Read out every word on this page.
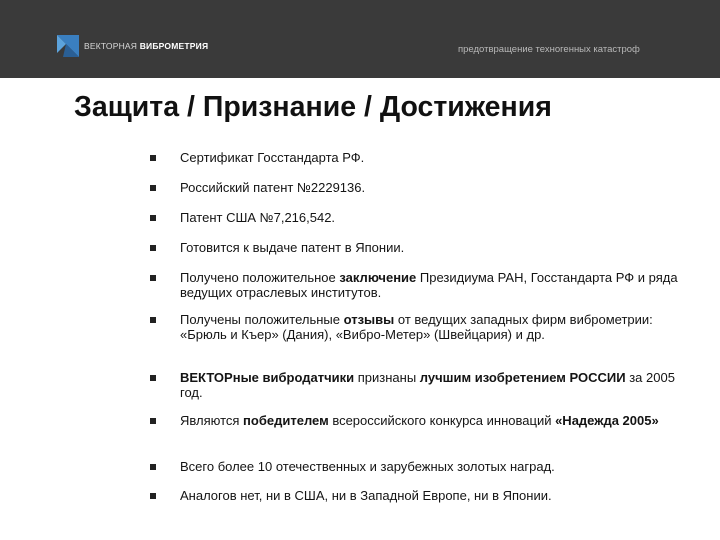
ВЕКТОРНАЯ ВИБРОМЕТРИЯ	предотвращение техногенных катастроф
Защита / Признание / Достижения
Сертификат Госстандарта РФ.
Российский патент №2229136.
Патент США №7,216,542.
Готовится к выдаче патент в Японии.
Получено положительное заключение Президиума РАН, Госстандарта РФ и ряда ведущих отраслевых институтов.
Получены положительные отзывы от ведущих западных фирм виброметрии: «Брюль и Къер» (Дания), «Вибро-Метер» (Швейцария) и др.
ВЕКТОРные вибродатчики признаны лучшим изобретением РОССИИ за 2005 год.
Являются победителем всероссийского конкурса инноваций «Надежда 2005»
Всего более 10 отечественных и зарубежных золотых наград.
Аналогов нет, ни в США, ни в Западной Европе, ни в Японии.
